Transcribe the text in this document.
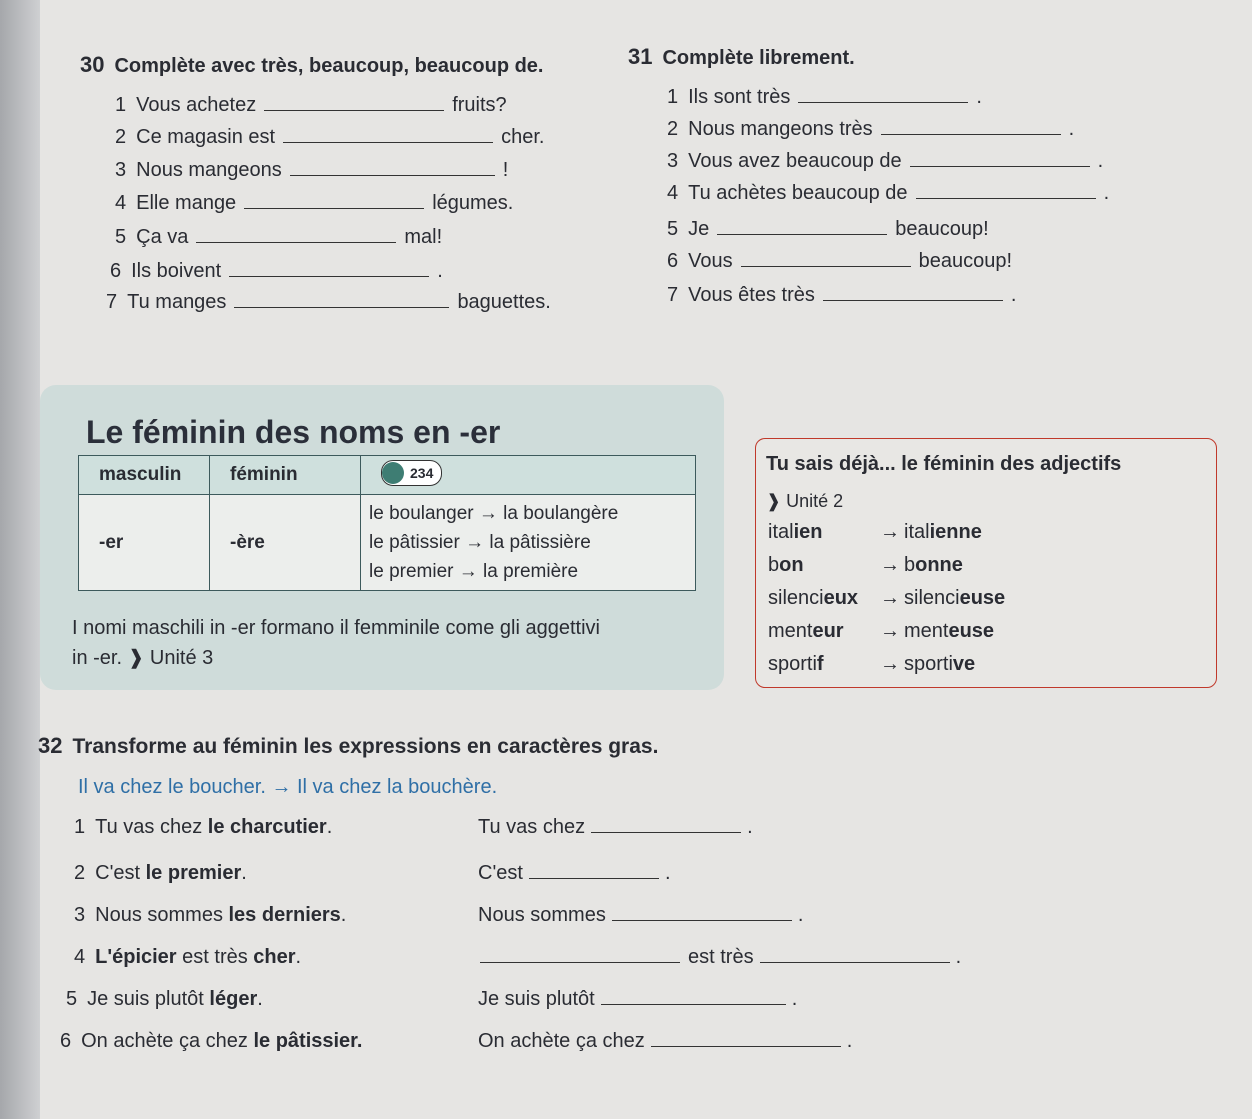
30 Complète avec très, beaucoup, beaucoup de.	31 Complète librement.
Le féminin des noms en -er
masculin	féminin	234

-er	-ère	le boulanger → la boulangère
le pâtissier → la pâtissière
le premier → la première
I nomi maschili in -er formano il femminile come gli aggettivi
in -er. ❱ Unité 3
Tu sais déjà... le féminin des adjectifs
❱ Unité 2
italien	→ italienne
bon	→ bonne
silencieux → silencieuse
menteur → menteuse
sportif	→ sportive
32 Transforme au féminin les expressions en caractères gras.
Il va chez le boucher. → Il va chez la bouchère.
1 Vous achetez	fruits?
2 Ce magasin est	cher.
3 Nous mangeons	!
4 Elle mange	légumes.
5 Ça va	mal!
6 Ils boivent	.
7 Tu manges	baguettes.
1 Ils sont très	.
2 Nous mangeons très	.
3 Vous avez beaucoup de	.
4 Tu achètes beaucoup de	.
5 Je	beaucoup!
6 Vous	beaucoup!
7 Vous êtes très	.
1 Tu vas chez le charcutier.	Tu vas chez	.
2 C'est le premier.	C'est	.
3 Nous sommes les derniers.	Nous sommes	.
4 L'épicier est très cher.	est très	.
5 Je suis plutôt léger.	Je suis plutôt	.
6 On achète ça chez le pâtissier.	On achète ça chez	.
